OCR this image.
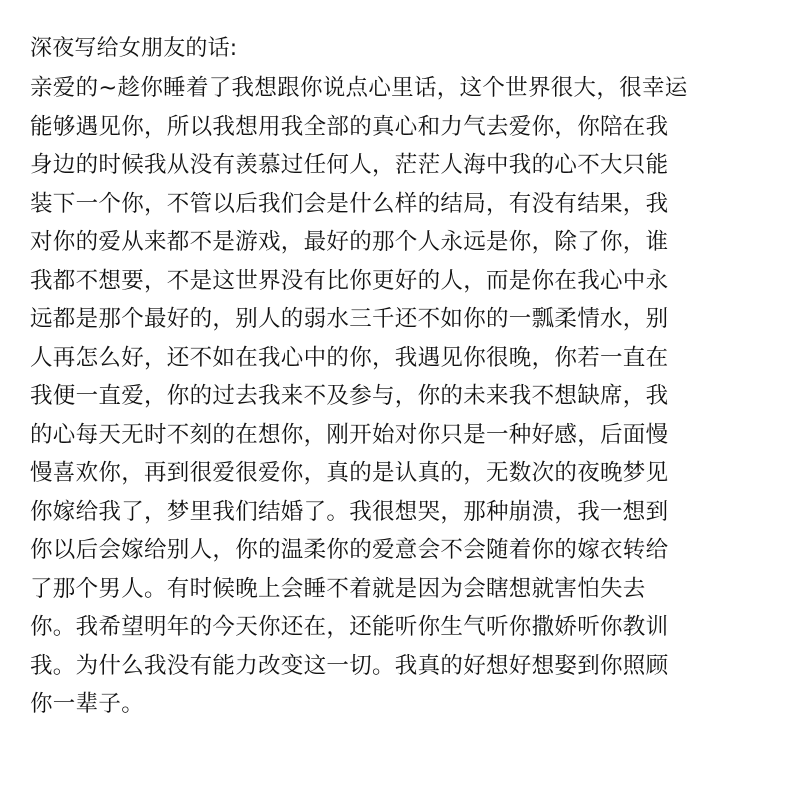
深夜写给女朋友的话:
亲爱的~趁你睡着了我想跟你说点心里话，这个世界很大，很幸运
能够遇见你，所以我想用我全部的真心和力气去爱你，你陪在我
身边的时候我从没有羡慕过任何人，茫茫人海中我的心不大只能
装下一个你，不管以后我们会是什么样的结局，有没有结果，我
对你的爱从来都不是游戏，最好的那个人永远是你，除了你，谁
我都不想要，不是这世界没有比你更好的人，而是你在我心中永
远都是那个最好的，别人的弱水三千还不如你的一瓢柔情水，别
人再怎么好，还不如在我心中的你，我遇见你很晚，你若一直在
我便一直爱，你的过去我来不及参与，你的未来我不想缺席，我
的心每天无时不刻的在想你，刚开始对你只是一种好感，后面慢
慢喜欢你，再到很爱很爱你，真的是认真的，无数次的夜晚梦见
你嫁给我了，梦里我们结婚了。我很想哭，那种崩溃，我一想到
你以后会嫁给别人，你的温柔你的爱意会不会随着你的嫁衣转给
了那个男人。有时候晚上会睡不着就是因为会瞎想就害怕失去
你。我希望明年的今天你还在，还能听你生气听你撒娇听你教训
我。为什么我没有能力改变这一切。我真的好想好想娶到你照顾
你一辈子。
